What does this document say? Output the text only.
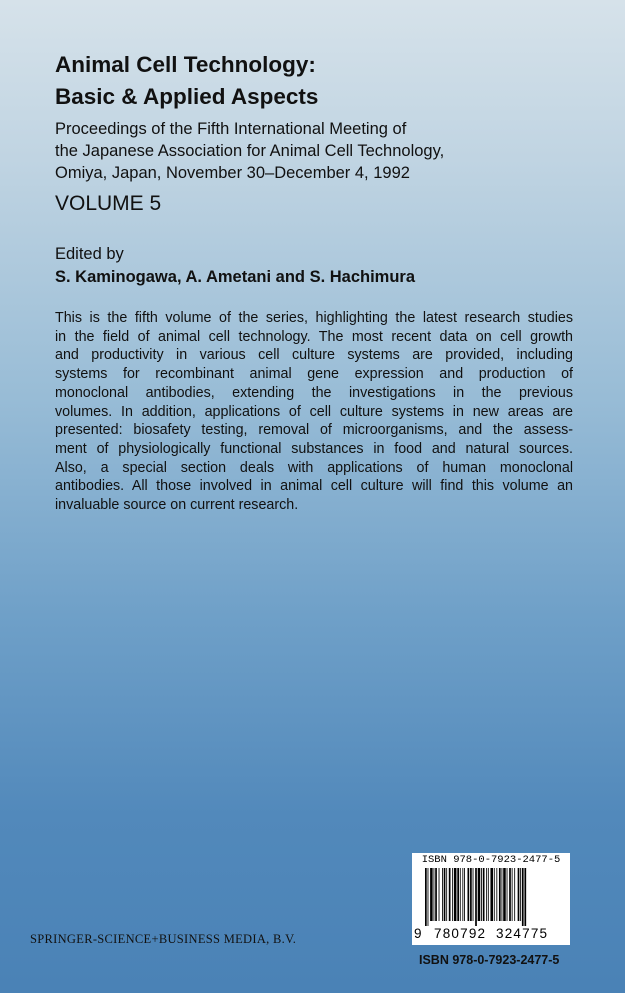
Animal Cell Technology:
Basic & Applied Aspects

Proceedings of the Fifth International Meeting of
the Japanese Association for Animal Cell Technology,
Omiya, Japan, November 30–December 4, 1992

VOLUME 5

Edited by

S. Kaminogawa, A. Ametani and S. Hachimura

This is the fifth volume of the series, highlighting the latest research studies
in the field of animal cell technology. The most recent data on cell growth
and productivity in various cell culture systems are provided, including
systems for recombinant animal gene expression and production of
monoclonal antibodies, extending the investigations in the previous
volumes. In addition, applications of cell culture systems in new areas are
presented: biosafety testing, removal of microorganisms, and the assess-
ment of physiologically functional substances in food and natural sources.
Also, a special section deals with applications of human monoclonal
antibodies. All those involved in animal cell culture will find this volume an
invaluable source on current research.

SPRINGER-SCIENCE+BUSINESS MEDIA, B.V.

ISBN 978-0-7923-2477-5
9 780792 324775

ISBN 978-0-7923-2477-5
